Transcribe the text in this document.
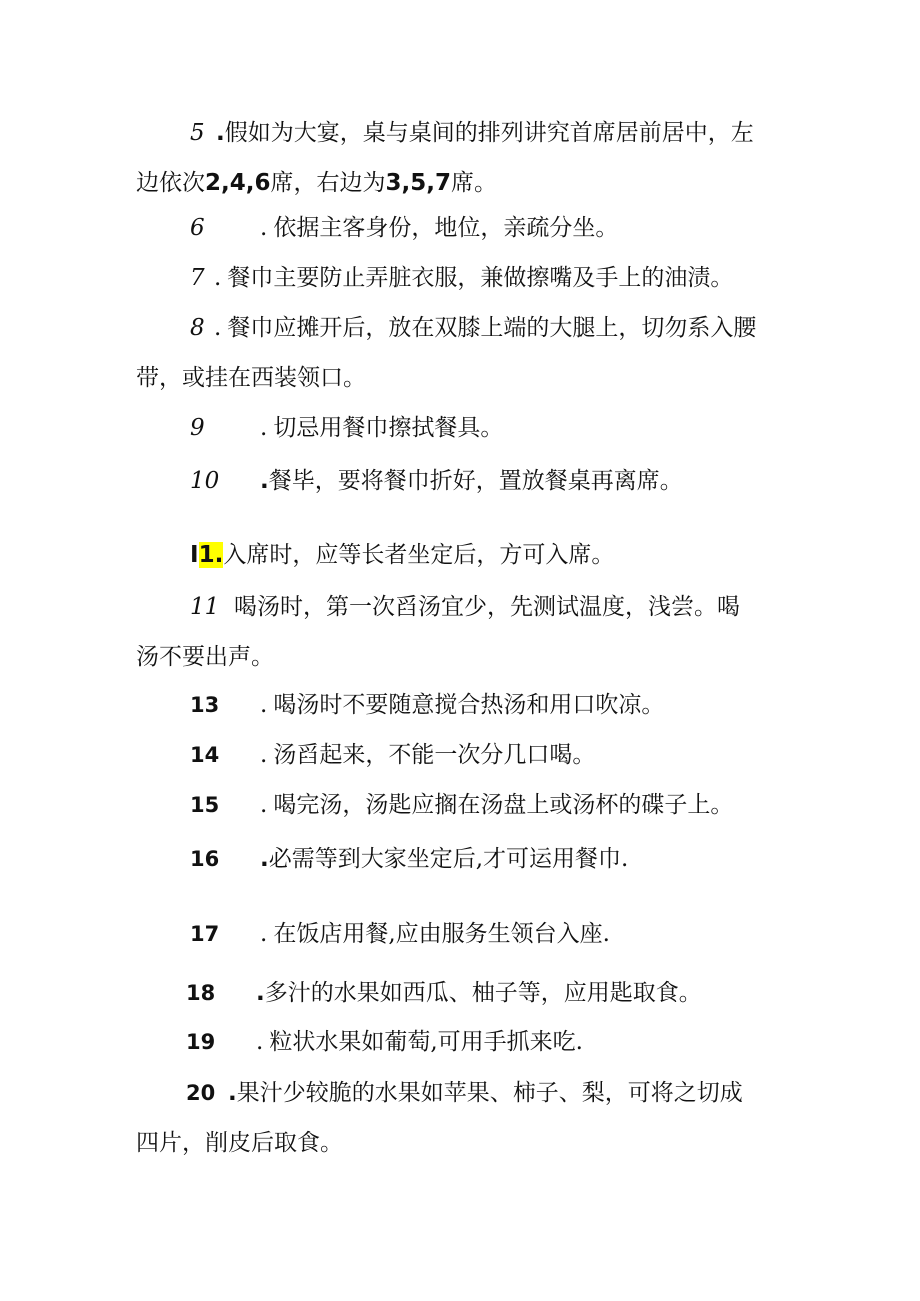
5 .假如为大宴，桌与桌间的排列讲究首席居前居中，左
边依次2,4,6席，右边为3,5,7席。
6 . 依据主客身份，地位，亲疏分坐。
7 . 餐巾主要防止弄脏衣服，兼做擦嘴及手上的油渍。
8 . 餐巾应摊开后，放在双膝上端的大腿上，切勿系入腰
带，或挂在西装领口。
9 . 切忌用餐巾擦拭餐具。
10 .餐毕，要将餐巾折好，置放餐桌再离席。
I1.入席时，应等长者坐定后，方可入席。
11 喝汤时，第一次舀汤宜少，先测试温度，浅尝。喝
汤不要出声。
13 . 喝汤时不要随意搅合热汤和用口吹凉。
14 . 汤舀起来，不能一次分几口喝。
15 . 喝完汤，汤匙应搁在汤盘上或汤杯的碟子上。
16 .必需等到大家坐定后,才可运用餐巾.
17 . 在饭店用餐,应由服务生领台入座.
18 .多汁的水果如西瓜、柚子等，应用匙取食。
19 . 粒状水果如葡萄,可用手抓来吃.
20 .果汁少较脆的水果如苹果、柿子、梨，可将之切成
四片，削皮后取食。
